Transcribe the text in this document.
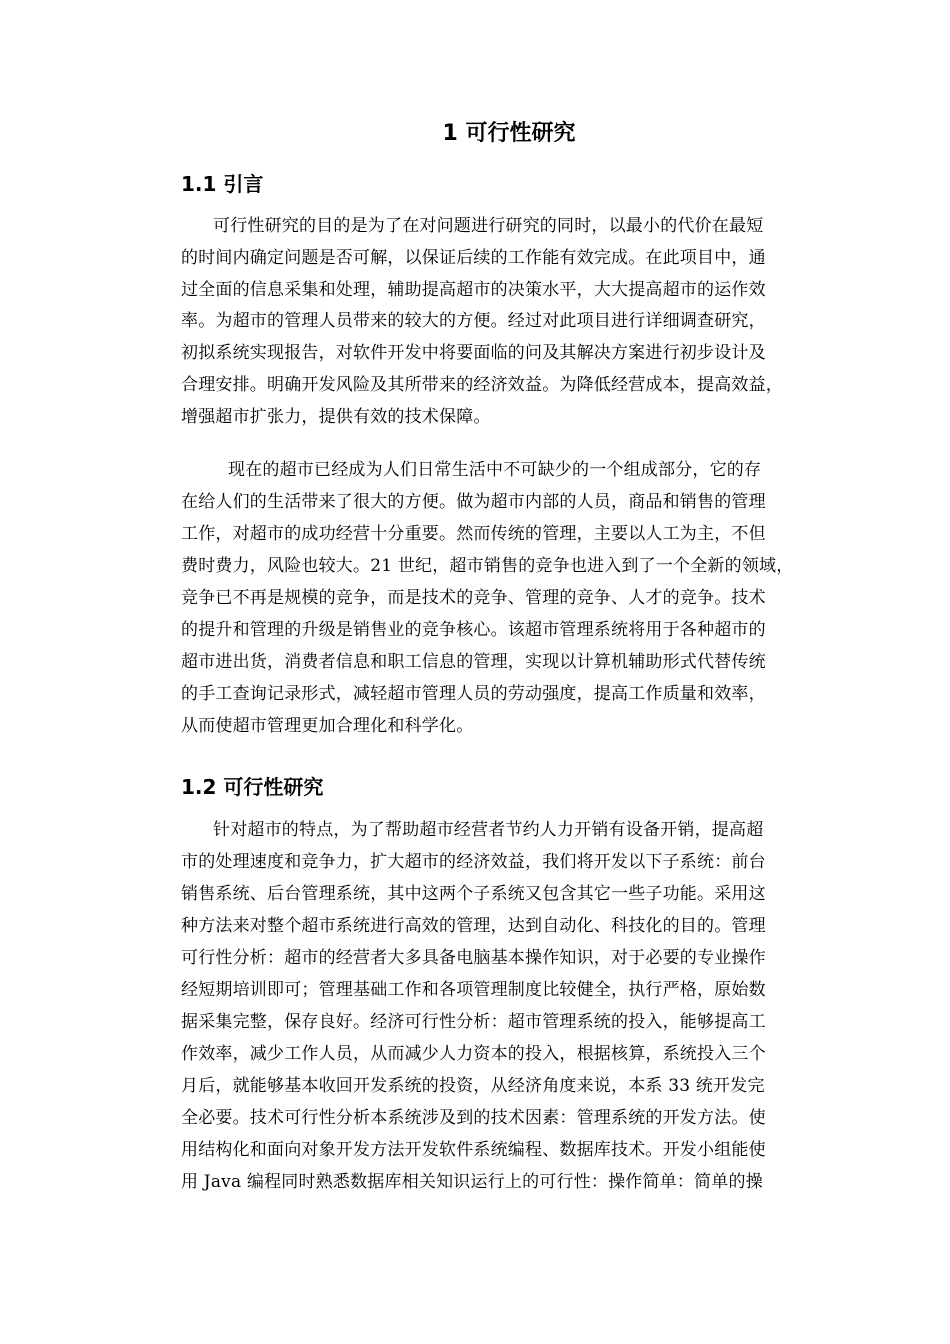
1 可行性研究
1.1 引言
可行性研究的目的是为了在对问题进行研究的同时，以最小的代价在最短
的时间内确定问题是否可解，以保证后续的工作能有效完成。在此项目中，通
过全面的信息采集和处理，辅助提高超市的决策水平，大大提高超市的运作效
率。为超市的管理人员带来的较大的方便。经过对此项目进行详细调查研究，
初拟系统实现报告，对软件开发中将要面临的问及其解决方案进行初步设计及
合理安排。明确开发风险及其所带来的经济效益。为降低经营成本，提高效益，
增强超市扩张力，提供有效的技术保障。
现在的超市已经成为人们日常生活中不可缺少的一个组成部分，它的存
在给人们的生活带来了很大的方便。做为超市内部的人员，商品和销售的管理
工作，对超市的成功经营十分重要。然而传统的管理，主要以人工为主，不但
费时费力，风险也较大。21 世纪，超市销售的竞争也进入到了一个全新的领域，
竞争已不再是规模的竞争，而是技术的竞争、管理的竞争、人才的竞争。技术
的提升和管理的升级是销售业的竞争核心。该超市管理系统将用于各种超市的
超市进出货，消费者信息和职工信息的管理，实现以计算机辅助形式代替传统
的手工查询记录形式，减轻超市管理人员的劳动强度，提高工作质量和效率，
从而使超市管理更加合理化和科学化。
1.2 可行性研究
针对超市的特点，为了帮助超市经营者节约人力开销有设备开销，提高超
市的处理速度和竞争力，扩大超市的经济效益，我们将开发以下子系统：前台
销售系统、后台管理系统，其中这两个子系统又包含其它一些子功能。采用这
种方法来对整个超市系统进行高效的管理，达到自动化、科技化的目的。管理
可行性分析：超市的经营者大多具备电脑基本操作知识，对于必要的专业操作
经短期培训即可；管理基础工作和各项管理制度比较健全，执行严格，原始数
据采集完整，保存良好。经济可行性分析：超市管理系统的投入，能够提高工
作效率，减少工作人员，从而减少人力资本的投入，根据核算，系统投入三个
月后，就能够基本收回开发系统的投资，从经济角度来说，本系 33 统开发完
全必要。技术可行性分析本系统涉及到的技术因素：管理系统的开发方法。使
用结构化和面向对象开发方法开发软件系统编程、数据库技术。开发小组能使
用 Java 编程同时熟悉数据库相关知识运行上的可行性：操作简单：简单的操
